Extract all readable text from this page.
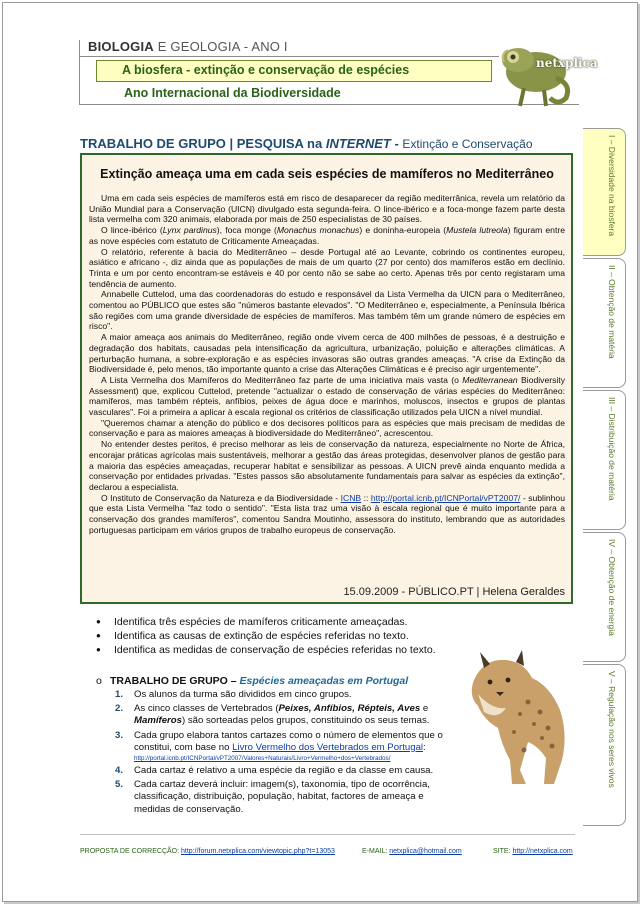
BIOLOGIA E GEOLOGIA - ANO I
A biosfera - extinção e conservação de espécies
Ano Internacional da Biodiversidade
netxplica
I – Diversidade na biosfera
II – Obtenção de matéria
III – Distribuição de matéria
IV – Obtenção de energia
V – Regulação nos seres vivos
TRABALHO DE GRUPO | PESQUISA na INTERNET - Extinção e Conservação
Extinção ameaça uma em cada seis espécies de mamíferos no Mediterrâneo

Uma em cada seis espécies de mamíferos está em risco de desaparecer da região mediterrânica, revela um relatório da União Mundial para a Conservação (UICN) divulgado esta segunda-feira. O lince-ibérico e a foca-monge fazem parte desta lista vermelha com 320 animais, elaborada por mais de 250 especialistas de 30 países.

O lince-ibérico (Lynx pardinus), foca monge (Monachus monachus) e doninha-europeia (Mustela lutreola) figuram entre as nove espécies com estatuto de Criticamente Ameaçadas.

O relatório, referente à bacia do Mediterrâneo – desde Portugal até ao Levante, cobrindo os continentes europeu, asiático e africano -, diz ainda que as populações de mais de um quarto (27 por cento) dos mamíferos estão em declínio. Trinta e um por cento encontram-se estáveis e 40 por cento não se sabe ao certo. Apenas três por cento registaram uma tendência de aumento.

Annabelle Cuttelod, uma das coordenadoras do estudo e responsável da Lista Vermelha da UICN para o Mediterrâneo, comentou ao PÚBLICO que estes são "números bastante elevados". "O Mediterrâneo e, especialmente, a Península Ibérica são regiões com uma grande diversidade de espécies de mamíferos. Mas também têm um grande número de espécies em risco".

A maior ameaça aos animais do Mediterrâneo, região onde vivem cerca de 400 milhões de pessoas, é a destruição e degradação dos habitats, causadas pela intensificação da agricultura, urbanização, poluição e alterações climáticas. A perturbação humana, a sobre-exploração e as espécies invasoras são outras grandes ameaças. "A crise da Extinção da Biodiversidade é, pelo menos, tão importante quanto a crise das Alterações Climáticas e é preciso agir urgentemente".

A Lista Vermelha dos Mamíferos do Mediterrâneo faz parte de uma iniciativa mais vasta (o Mediterranean Biodiversity Assessment) que, explicou Cuttelod, pretende "actualizar o estado de conservação de várias espécies do Mediterrâneo: mamíferos, mas também répteis, anfíbios, peixes de água doce e marinhos, moluscos, insectos e grupos de plantas vasculares". Foi a primeira a aplicar à escala regional os critérios de classificação utilizados pela UICN a nível mundial.

"Queremos chamar a atenção do público e dos decisores políticos para as espécies que mais precisam de medidas de conservação e para as maiores ameaças à biodiversidade do Mediterrâneo", acrescentou.

No entender destes peritos, é preciso melhorar as leis de conservação da natureza, especialmente no Norte de África, encorajar práticas agrícolas mais sustentáveis, melhorar a gestão das áreas protegidas, desenvolver planos de gestão para a maioria das espécies ameaçadas, recuperar habitat e sensibilizar as pessoas. A UICN prevê ainda enquanto medida a conservação por entidades privadas. "Estes passos são absolutamente fundamentais para salvar as espécies da extinção", declarou a especialista.

O Instituto de Conservação da Natureza e da Biodiversidade - ICNB :: http://portal.icnb.pt/ICNPortal/vPT2007/ - sublinhou que esta Lista Vermelha "faz todo o sentido". "Esta lista traz uma visão à escala regional que é muito importante para a conservação dos grandes mamíferos", comentou Sandra Moutinho, assessora do instituto, lembrando que as autoridades portuguesas participam em vários grupos de trabalho europeus de conservação.

15.09.2009 - PÚBLICO.PT | Helena Geraldes
● Identifica três espécies de mamíferos criticamente ameaçadas.
● Identifica as causas de extinção de espécies referidas no texto.
● Identifica as medidas de conservação de espécies referidas no texto.
o TRABALHO DE GRUPO – Espécies ameaçadas em Portugal
1. Os alunos da turma são divididos em cinco grupos.
2. As cinco classes de Vertebrados (Peixes, Anfíbios, Répteis, Aves e Mamíferos) são sorteadas pelos grupos, constituindo os seus temas.
3. Cada grupo elabora tantos cartazes como o número de elementos que o constitui, com base no Livro Vermelho dos Vertebrados em Portugal:
http://portal.icnb.pt/ICNPortal/vPT2007/Valores+Naturais/Livro+Vermelho+dos+Vertebrados/
4. Cada cartaz é relativo a uma espécie da região e da classe em causa.
5. Cada cartaz deverá incluir: imagem(s), taxonomia, tipo de ocorrência, classificação, distribuição, população, habitat, factores de ameaça e medidas de conservação.
PROPOSTA DE CORRECÇÃO: http://forum.netxplica.com/viewtopic.php?t=13053	E-MAIL: netxplica@hotmail.com	SITE: http://netxplica.com
